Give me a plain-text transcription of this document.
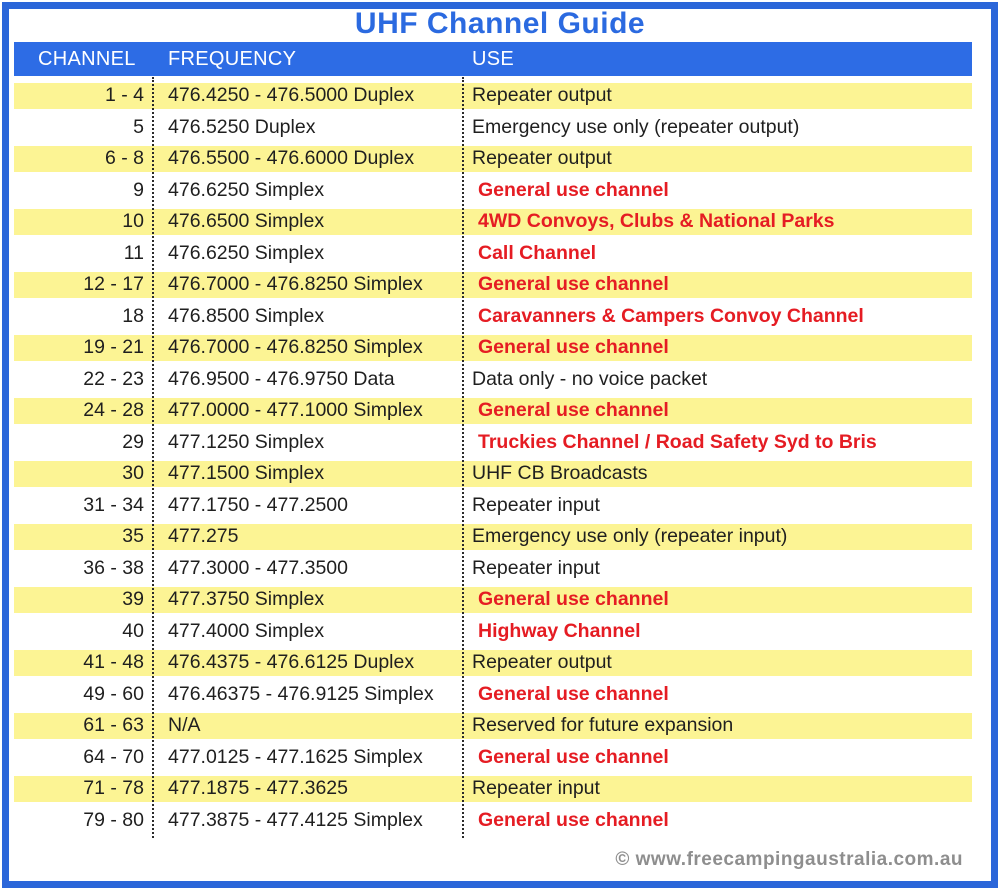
UHF Channel Guide
CHANNEL	FREQUENCY	USE
1 - 4	476.4250 - 476.5000 Duplex	Repeater output
5	476.5250 Duplex	Emergency use only (repeater output)
6 - 8	476.5500 - 476.6000 Duplex	Repeater output
9	476.6250 Simplex	General use channel
10	476.6500 Simplex	4WD Convoys, Clubs & National Parks
11	476.6250 Simplex	Call Channel
12 - 17	476.7000 - 476.8250 Simplex	General use channel
18	476.8500 Simplex	Caravanners & Campers Convoy Channel
19 - 21	476.7000 - 476.8250 Simplex	General use channel
22 - 23	476.9500 - 476.9750 Data	Data only - no voice packet
24 - 28	477.0000 - 477.1000 Simplex	General use channel
29	477.1250 Simplex	Truckies Channel / Road Safety Syd to Bris
30	477.1500 Simplex	UHF CB Broadcasts
31 - 34	477.1750 - 477.2500	Repeater input
35	477.275	Emergency use only (repeater input)
36 - 38	477.3000 - 477.3500	Repeater input
39	477.3750 Simplex	General use channel
40	477.4000 Simplex	Highway Channel
41 - 48	476.4375 - 476.6125 Duplex	Repeater output
49 - 60	476.46375 - 476.9125 Simplex	General use channel
61 - 63	N/A	Reserved for future expansion
64 - 70	477.0125 - 477.1625 Simplex	General use channel
71 - 78	477.1875 - 477.3625	Repeater input
79 - 80	477.3875 - 477.4125 Simplex	General use channel
© www.freecampingaustralia.com.au
